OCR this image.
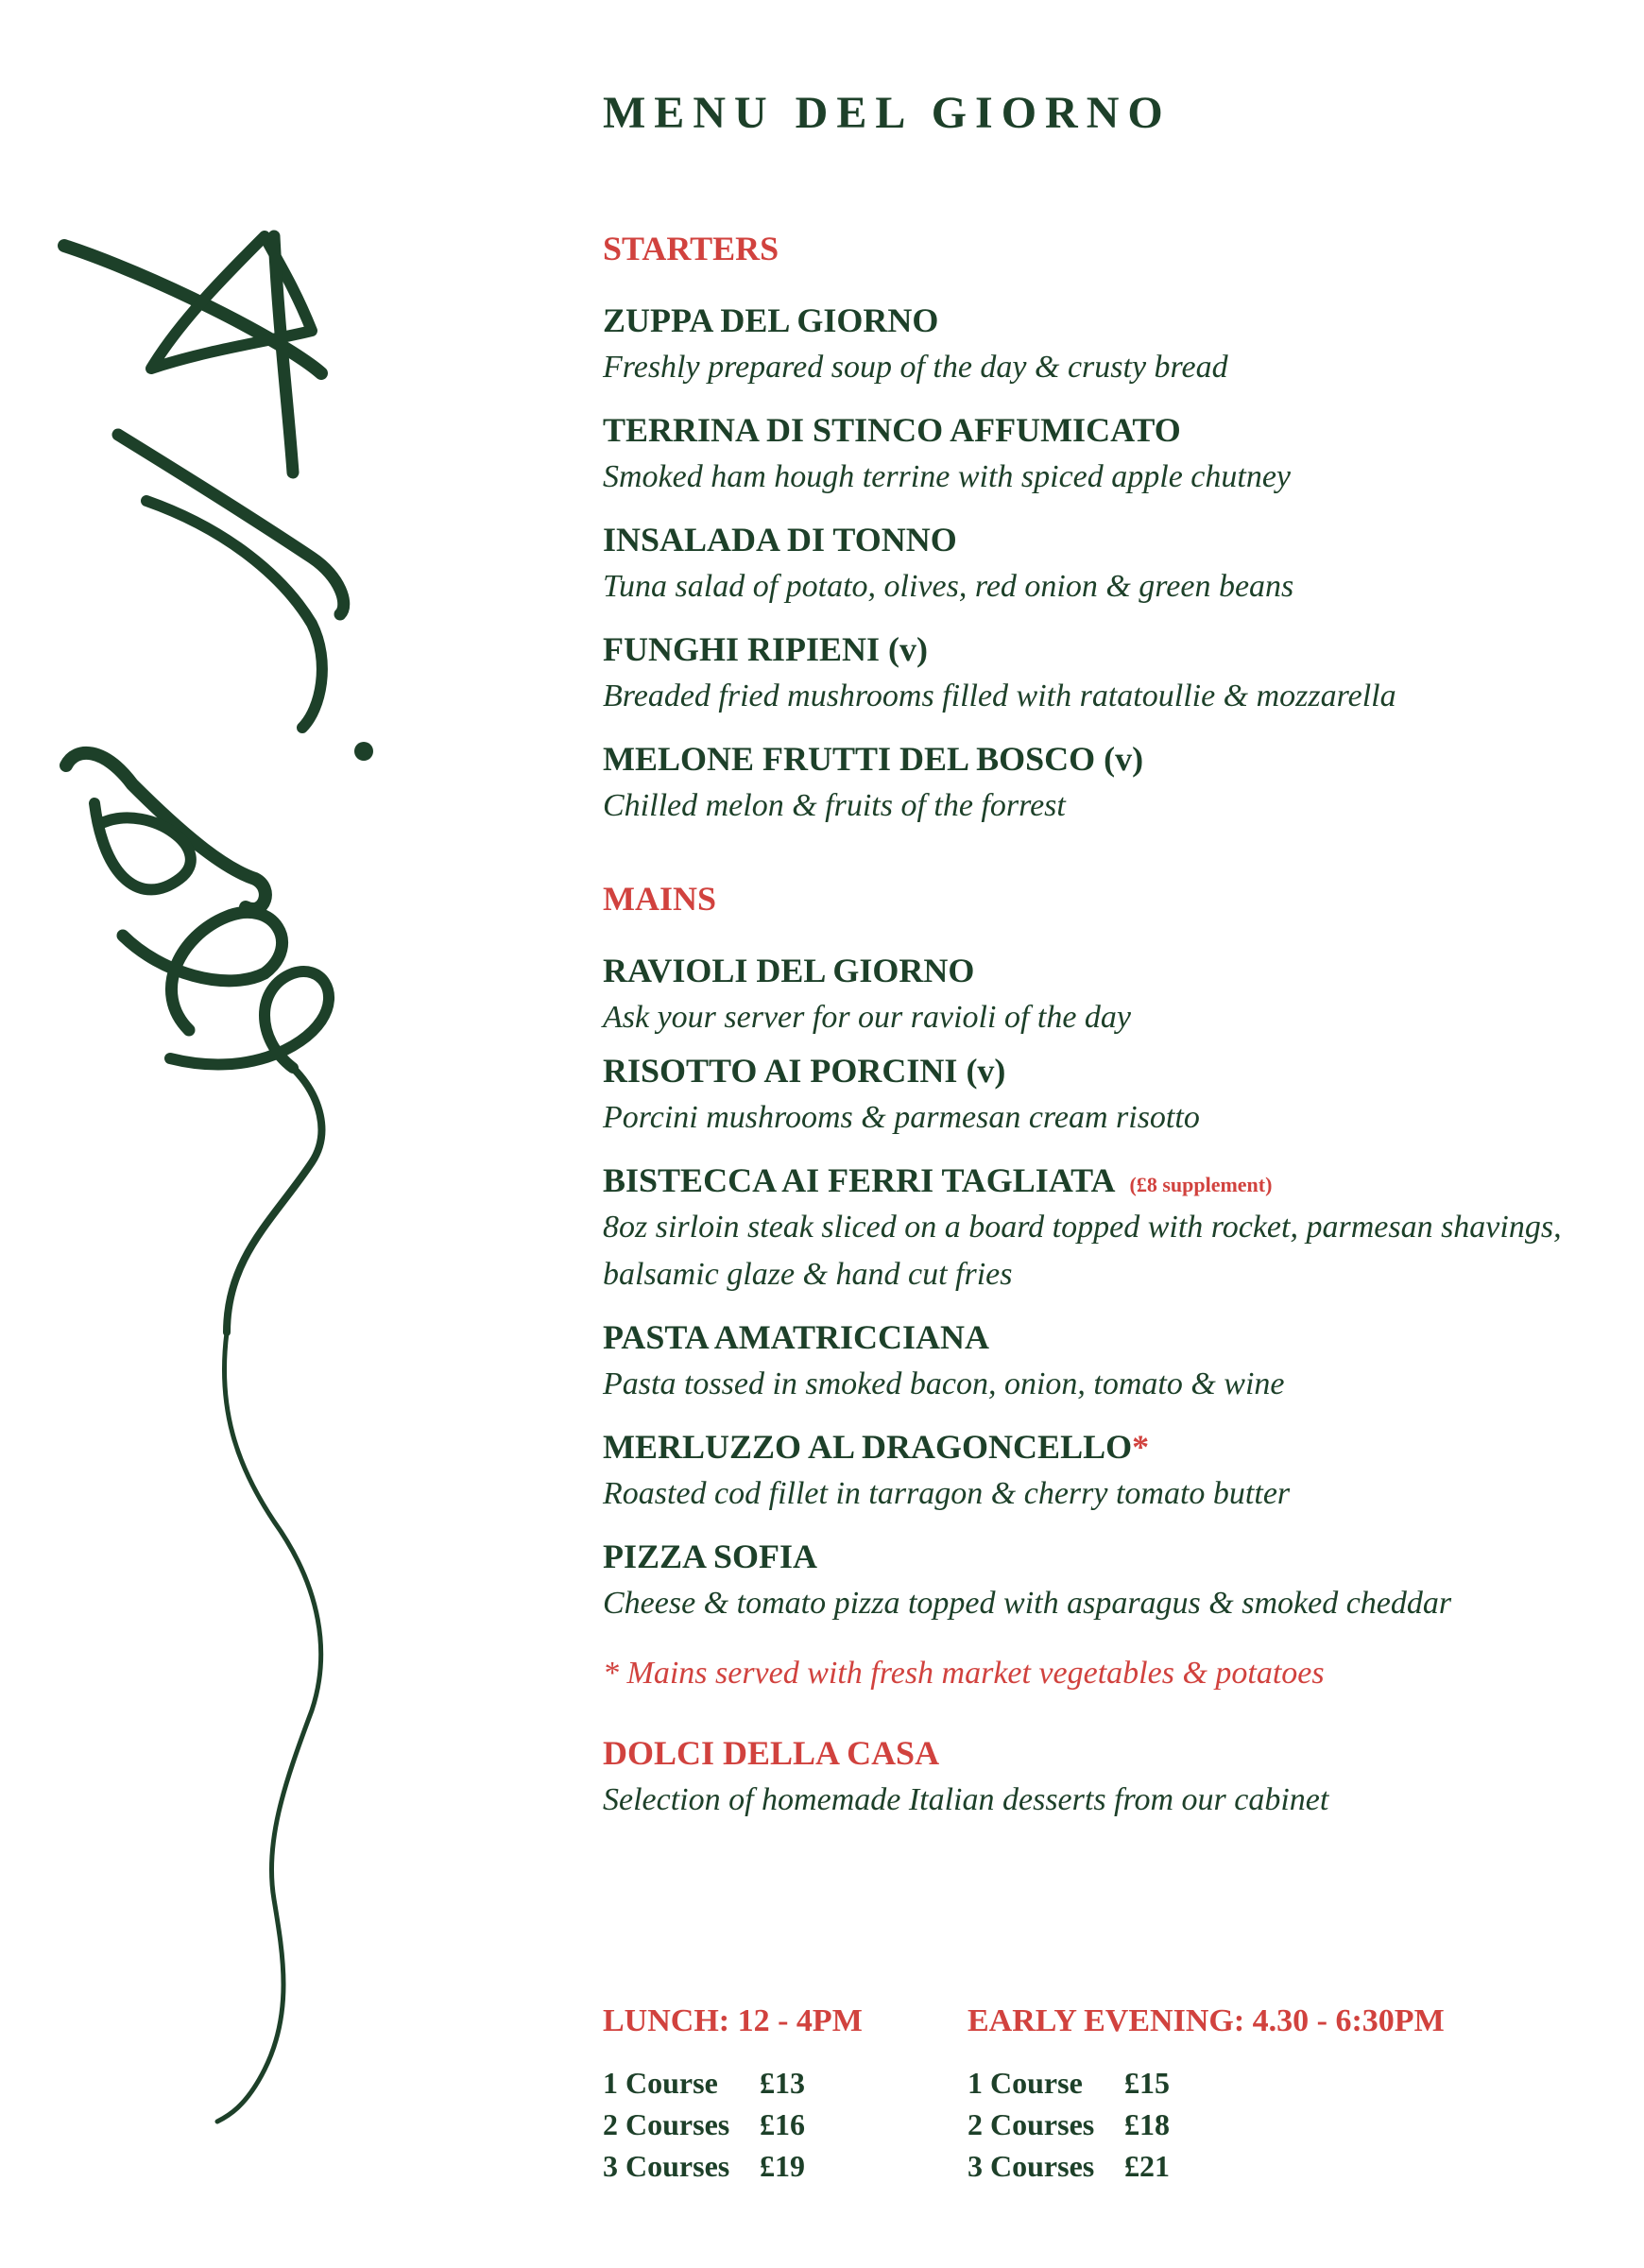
MENU DEL GIORNO
STARTERS
ZUPPA DEL GIORNO
Freshly prepared soup of the day & crusty bread
TERRINA DI STINCO AFFUMICATO
Smoked ham hough terrine with spiced apple chutney
INSALADA DI TONNO
Tuna salad of potato, olives, red onion & green beans
FUNGHI RIPIENI (v)
Breaded fried mushrooms filled with ratatoullie & mozzarella
MELONE FRUTTI DEL BOSCO (v)
Chilled melon & fruits of the forrest
MAINS
RAVIOLI DEL GIORNO
Ask your server for our ravioli of the day
RISOTTO AI PORCINI (v)
Porcini mushrooms & parmesan cream risotto
BISTECCA AI FERRI TAGLIATA (£8 supplement)
8oz sirloin steak sliced on a board topped with rocket, parmesan shavings,
balsamic glaze & hand cut fries
PASTA AMATRICCIANA
Pasta tossed in smoked bacon, onion, tomato & wine
MERLUZZO AL DRAGONCELLO*
Roasted cod fillet in tarragon & cherry tomato butter
PIZZA SOFIA
Cheese & tomato pizza topped with asparagus & smoked cheddar
* Mains served with fresh market vegetables & potatoes
DOLCI DELLA CASA
Selection of homemade Italian desserts from our cabinet
LUNCH: 12 - 4PM
1 Course £13
2 Courses £16
3 Courses £19
EARLY EVENING: 4.30 - 6:30PM
1 Course £15
2 Courses £18
3 Courses £21
